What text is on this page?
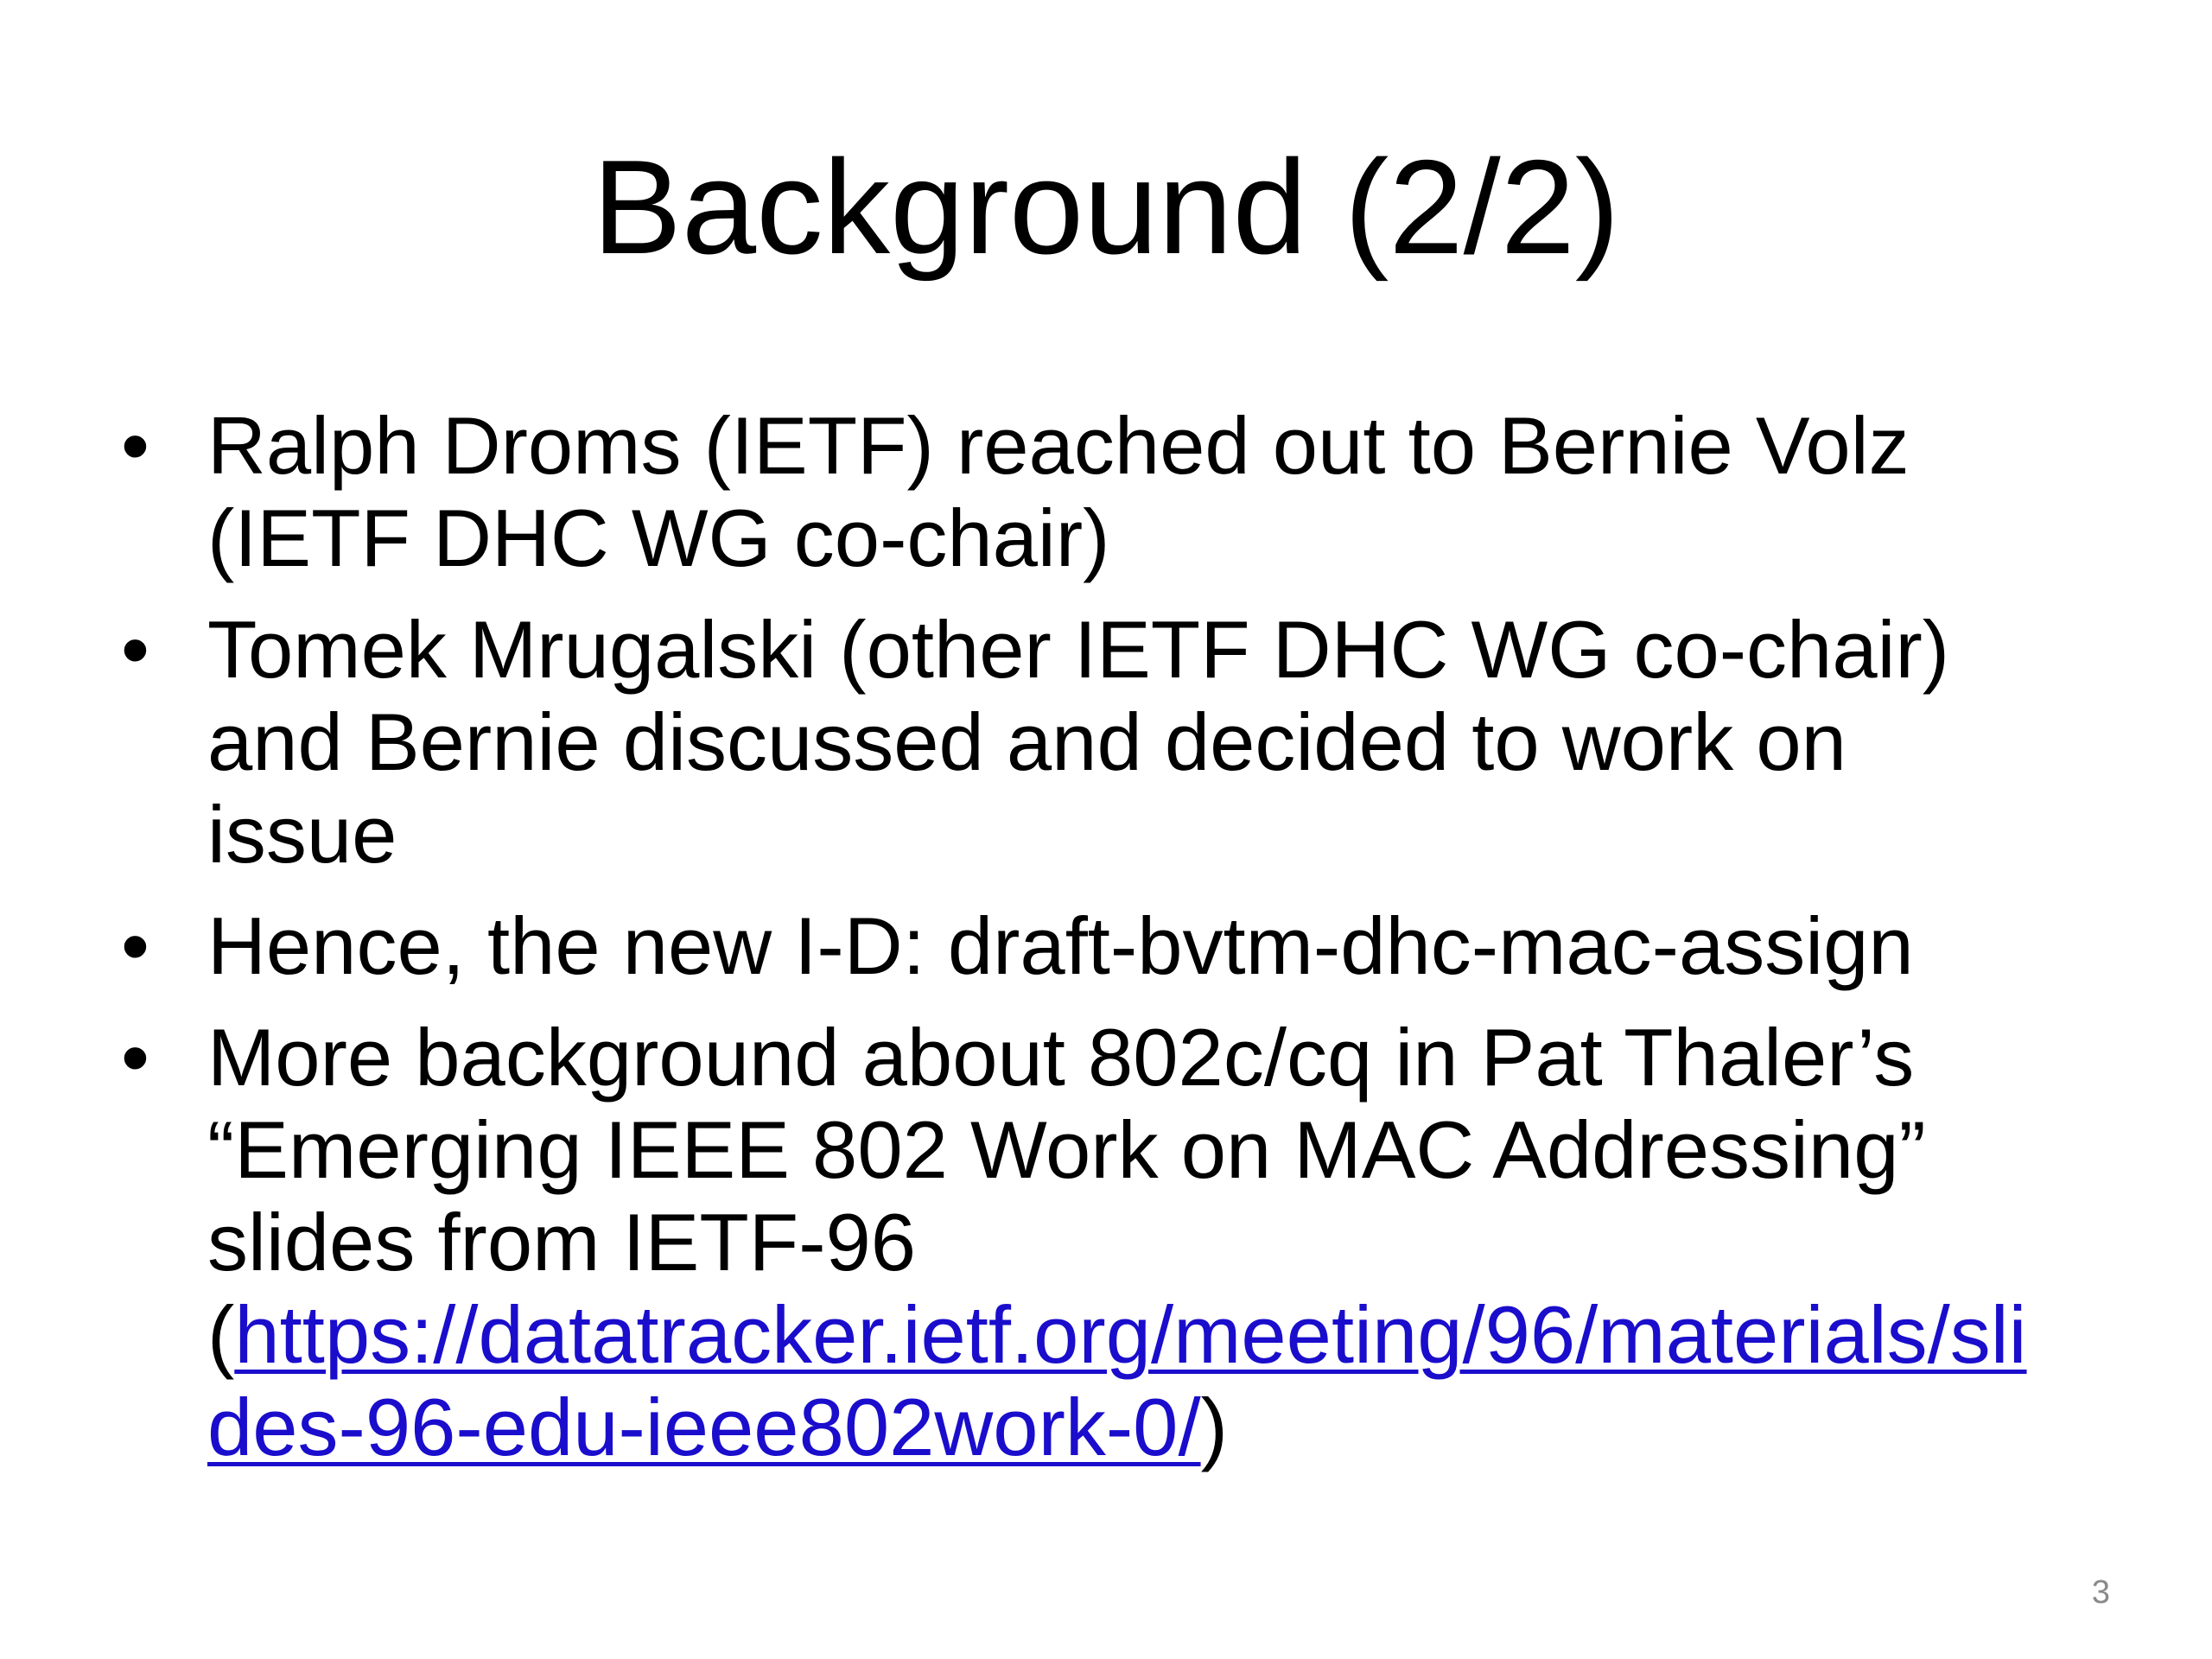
Background (2/2)
• Ralph Droms (IETF) reached out to Bernie Volz
(IETF DHC WG co-chair)
• Tomek Mrugalski (other IETF DHC WG co-chair)
and Bernie discussed and decided to work on
issue
• Hence, the new I-D: draft-bvtm-dhc-mac-assign
• More background about 802c/cq in Pat Thaler’s
“Emerging IEEE 802 Work on MAC Addressing”
slides from IETF-96
(https://datatracker.ietf.org/meeting/96/materials/sli
des-96-edu-ieee802work-0/)
3
